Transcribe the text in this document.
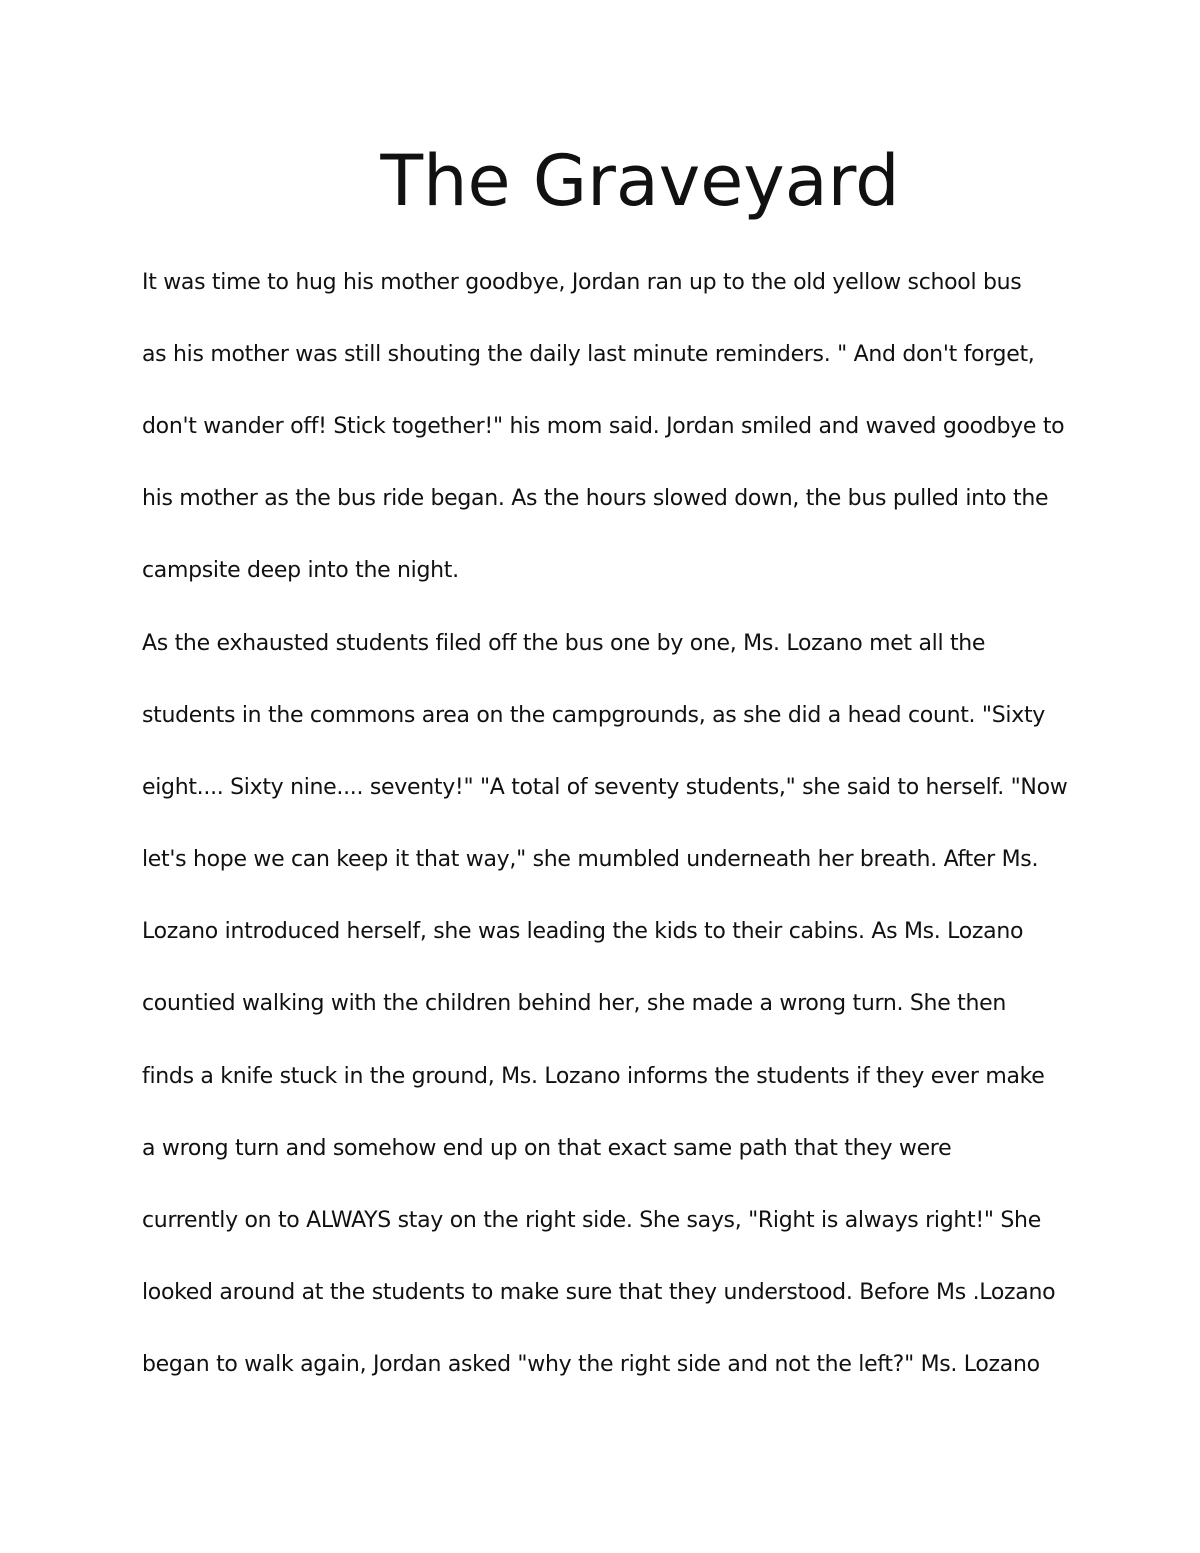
The Graveyard

It was time to hug his mother goodbye, Jordan ran up to the old yellow school bus

as his mother was still shouting the daily last minute reminders. " And don't forget,

don't wander off! Stick together!" his mom said. Jordan smiled and waved goodbye to

his mother as the bus ride began. As the hours slowed down, the bus pulled into the

campsite deep into the night.

As the exhausted students filed off the bus one by one, Ms. Lozano met all the

students in the commons area on the campgrounds, as she did a head count. "Sixty

eight.... Sixty nine.... seventy!" "A total of seventy students," she said to herself. "Now

let's hope we can keep it that way," she mumbled underneath her breath. After Ms.

Lozano introduced herself, she was leading the kids to their cabins. As Ms. Lozano

countied walking with the children behind her, she made a wrong turn. She then

finds a knife stuck in the ground, Ms. Lozano informs the students if they ever make

a wrong turn and somehow end up on that exact same path that they were

currently on to ALWAYS stay on the right side. She says, "Right is always right!" She

looked around at the students to make sure that they understood. Before Ms .Lozano

began to walk again, Jordan asked "why the right side and not the left?" Ms. Lozano
